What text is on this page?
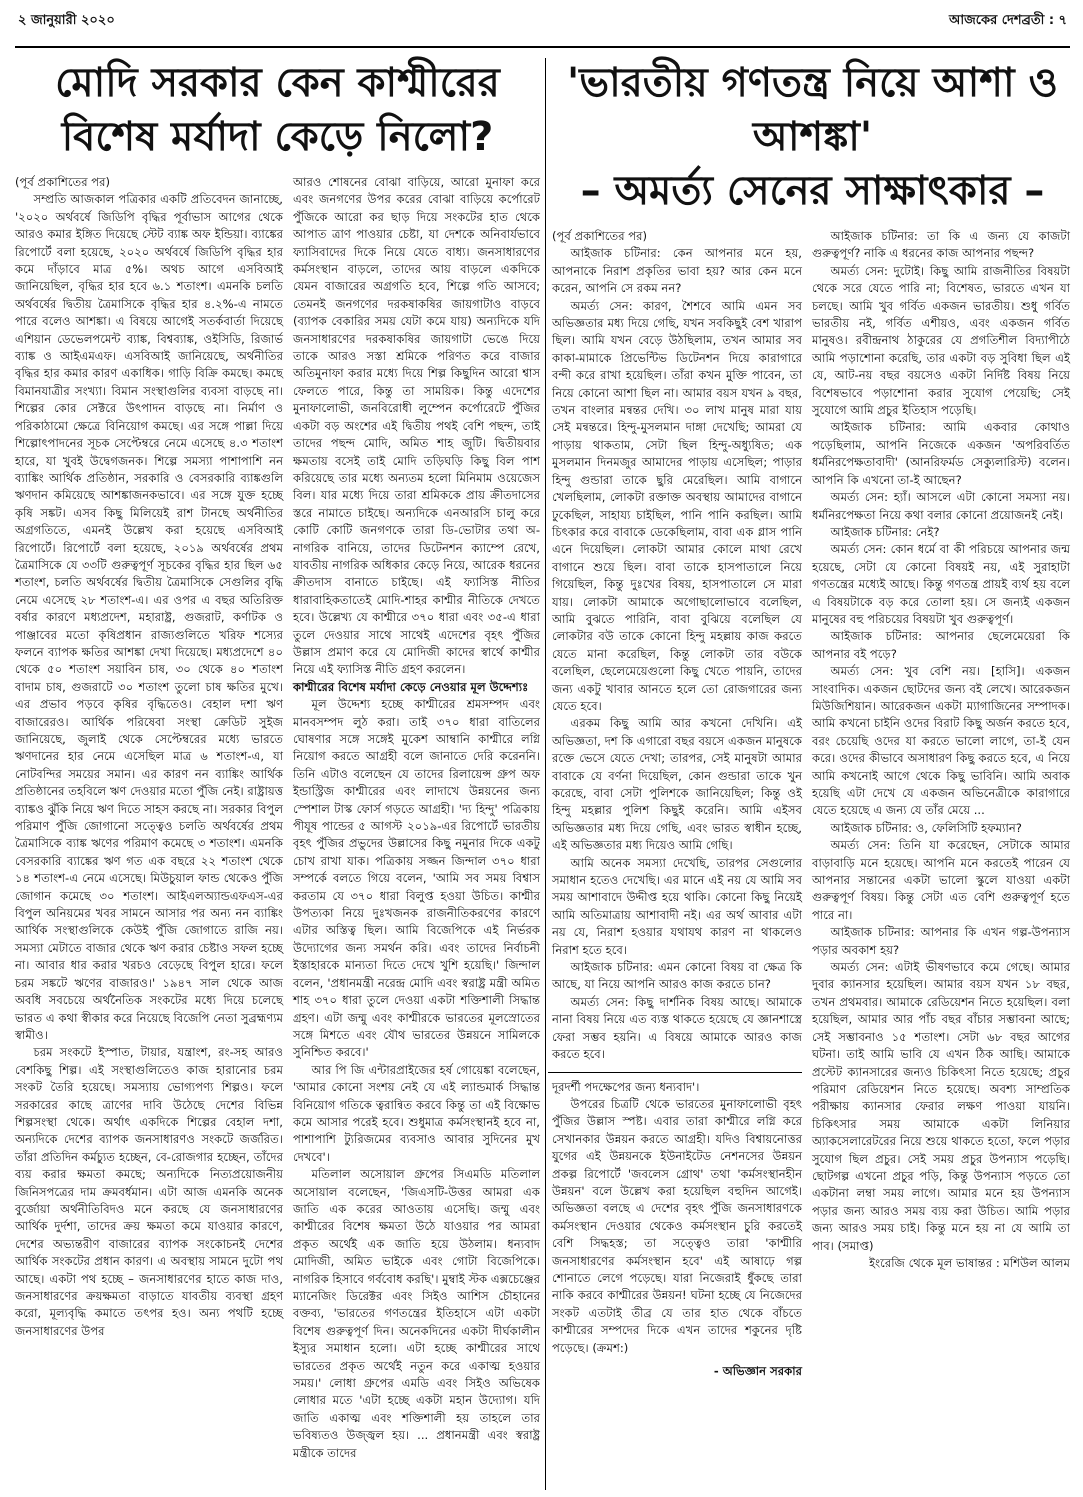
২ জানুয়ারী ২০২০	আজকের দেশব্রতী : ৭
মোদি সরকার কেন কাশ্মীরের
বিশেষ মর্যাদা কেড়ে নিলো?

(পূর্ব প্রকাশিতের পর)

সম্প্রতি আজকাল পত্রিকার একটি প্রতিবেদন জানাচ্ছে, '২০২০ অর্থবর্ষে জিডিপি বৃদ্ধির পূর্বাভাস আগের থেকে আরও কমার ইঙ্গিত দিয়েছে স্টেট ব্যাঙ্ক অফ ইন্ডিয়া। ব্যাঙ্কের রিপোর্টে বলা হয়েছে, ২০২০ অর্থবর্ষে জিডিপি বৃদ্ধির হার কমে দাঁড়াবে মাত্র ৫%। অথচ আগে এসবিআই জানিয়েছিল, বৃদ্ধির হার হবে ৬.১ শতাংশ। এমনকি চলতি অর্থবর্ষের দ্বিতীয় ত্রৈমাসিকে বৃদ্ধির হার ৪.২%-এ নামতে পারে বলেও আশঙ্কা। এ বিষয়ে আগেই সতর্কবার্তা দিয়েছে এশিয়ান ডেভেলপমেন্ট ব্যাঙ্ক, বিশ্বব্যাঙ্ক, ওইসিডি, রিজার্ভ ব্যাঙ্ক ও আইএমএফ। এসবিআই জানিয়েছে, অর্থনীতির বৃদ্ধির হার কমার কারণ একাধিক। গাড়ি বিক্রি কমছে। কমছে বিমানযাত্রীর সংখ্যা। বিমান সংস্থাগুলির ব্যবসা বাড়ছে না। শিল্পের কোর সেক্টরে উৎপাদন বাড়ছে না। নির্মাণ ও পরিকাঠামো ক্ষেত্রে বিনিয়োগ কমছে। এর সঙ্গে পাল্লা দিয়ে শিল্পোৎপাদনের সূচক সেপ্টেম্বরে নেমে এসেছে ৪.৩ শতাংশ হারে, যা খুবই উদ্বেগজনক। শিল্পে সমস্যা পাশাপাশি নন ব্যাঙ্কিং আর্থিক প্রতিষ্ঠান, সরকারি ও বেসরকারি ব্যাঙ্কগুলি ঋণদান কমিয়েছে আশঙ্কাজনকভাবে। এর সঙ্গে যুক্ত হচ্ছে কৃষি সঙ্কট। এসব কিছু মিলিয়েই রাশ টানছে অর্থনীতির অগ্রগতিতে, এমনই উল্লেখ করা হয়েছে এসবিআই রিপোর্টে। রিপোর্টে বলা হয়েছে, ২০১৯ অর্থবর্ষের প্রথম ত্রৈমাসিকে যে ৩৩টি গুরুত্বপূর্ণ সূচকের বৃদ্ধির হার ছিল ৬৫ শতাংশ, চলতি অর্থবর্ষের দ্বিতীয় ত্রৈমাসিকে সেগুলির বৃদ্ধি নেমে এসেছে ২৮ শতাংশ-এ। এর ওপর এ বছর অতিরিক্ত বর্ষার কারণে মধ্যপ্রদেশ, মহারাষ্ট্র, গুজরাট, কর্ণাটক ও পাঞ্জাবের মতো কৃষিপ্রধান রাজ্যগুলিতে খরিফ শস্যের ফলনে ব্যাপক ক্ষতির আশঙ্কা দেখা দিয়েছে। মধ্যপ্রদেশে ৪০ থেকে ৫০ শতাংশ সয়াবিন চাষ, ৩০ থেকে ৪০ শতাংশ বাদাম চাষ, গুজরাটে ৩০ শতাংশ তুলো চাষ ক্ষতির মুখে। এর প্রভাব পড়বে কৃষির বৃদ্ধিতেও। বেহাল দশা ঋণ বাজারেরও। আর্থিক পরিষেবা সংস্থা ক্রেডিট সুইজ জানিয়েছে, জুলাই থেকে সেপ্টেম্বরের মধ্যে ভারতে ঋণদানের হার নেমে এসেছিল মাত্র ৬ শতাংশ-এ, যা নোটবন্দির সময়ের সমান। এর কারণ নন ব্যাঙ্কিং আর্থিক প্রতিষ্ঠানের তহবিলে ঋণ দেওয়ার মতো পুঁজি নেই। রাষ্ট্রায়ত্ত ব্যাঙ্কও ঝুঁকি নিয়ে ঋণ দিতে সাহস করছে না। সরকার বিপুল পরিমাণ পুঁজি জোগানো সত্ত্বেও চলতি অর্থবর্ষের প্রথম ত্রৈমাসিকে ব্যাঙ্ক ঋণের পরিমাণ কমেছে ৩ শতাংশ। এমনকি বেসরকারি ব্যাঙ্কের ঋণ গত এক বছরে ২২ শতাংশ থেকে ১৪ শতাংশ-এ নেমে এসেছে। মিউচুয়াল ফান্ড থেকেও পুঁজি জোগান কমেছে ৩০ শতাংশ। আইএলঅ্যান্ডএফএস-এর বিপুল অনিয়মের খবর সামনে আসার পর অন্য নন ব্যাঙ্কিং আর্থিক সংস্থাগুলিকে কেউই পুঁজি জোগাতে রাজি নয়। সমস্যা মেটাতে বাজার থেকে ঋণ করার চেষ্টাও সফল হচ্ছে না। আবার ধার করার খরচও বেড়েছে বিপুল হারে। ফলে চরম সঙ্কটে ঋণের বাজারও।' ১৯৪৭ সাল থেকে আজ অবধি সবচেয়ে অর্থনৈতিক সংকটের মধ্যে দিয়ে চলেছে ভারত এ কথা স্বীকার করে নিয়েছে বিজেপি নেতা সুব্রহ্মণ্যম স্বামীও।

চরম সংকটে ইস্পাত, টায়ার, যন্ত্রাংশ, রং-সহ আরও বেশকিছু শিল্প। এই সংস্থাগুলিতেও কাজ হারানোর চরম সংকট তৈরি হয়েছে। সমস্যায় ভোগ্যপণ্য শিল্পও। ফলে সরকারের কাছে ত্রাণের দাবি উঠেছে দেশের বিভিন্ন শিল্পসংস্থা থেকে। অর্থাৎ একদিকে শিল্পের বেহাল দশা, অন্যদিকে দেশের ব্যাপক জনসাধারণও সংকটে জর্জরিত। তাঁরা প্রতিদিন কর্মচ্যুত হচ্ছেন, বে-রোজগার হচ্ছেন, তাঁদের ব্যয় করার ক্ষমতা কমছে; অন্যদিকে নিত্যপ্রয়োজনীয় জিনিসপত্রের দাম ক্রমবর্ধমান। এটা আজ এমনকি অনেক বুর্জোয়া অর্থনীতিবিদও মনে করছে যে জনসাধারণের আর্থিক দুর্দশা, তাদের ক্রয় ক্ষমতা কমে যাওয়ার কারণে, দেশের অভ্যন্তরীণ বাজারের ব্যাপক সংকোচনই দেশের আর্থিক সংকটের প্রধান কারণ। এ অবস্থায় সামনে দুটো পথ আছে। একটা পথ হচ্ছে – জনসাধারণের হাতে কাজ দাও, জনসাধারণের ক্রয়ক্ষমতা বাড়াতে যাবতীয় ব্যবস্থা গ্রহণ করো, মূল্যবৃদ্ধি কমাতে তৎপর হও। অন্য পথটি হচ্ছে জনসাধারণের উপর

আরও শোষনের বোঝা বাড়িয়ে, আরো মুনাফা করে এবং জনগণের উপর করের বোঝা বাড়িয়ে কর্পোরেট পুঁজিকে আরো কর ছাড় দিয়ে সংকটের হাত থেকে আপাত ত্রাণ পাওয়ার চেষ্টা, যা দেশকে অনিবার্যভাবে ফ্যাসিবাদের দিকে নিয়ে যেতে বাধ্য। জনসাধারণের কর্মসংস্থান বাড়লে, তাদের আয় বাড়লে একদিকে যেমন বাজারের অগ্রগতি হবে, শিল্পে গতি আসবে; তেমনই জনগণের দরকষাকষির জায়গাটাও বাড়বে (ব্যাপক বেকারির সময় যেটা কমে যায়) অন্যদিকে যদি জনসাধারণের দরকষাকষির জায়গাটা ভেঙে দিয়ে তাকে আরও সস্তা শ্রমিকে পরিণত করে বাজার অতিমুনাফা করার মধ্যে দিয়ে শিল্প কিছুদিন আরো শ্বাস ফেলতে পারে, কিন্তু তা সাময়িক। কিন্তু এদেশের মুনাফালোভী, জনবিরোধী লুম্পেন কর্পোরেটে পুঁজির একটা বড় অংশের এই দ্বিতীয় পথই বেশি পছন্দ, তাই তাদের পছন্দ মোদি, অমিত শাহ জুটি। দ্বিতীয়বার ক্ষমতায় বসেই তাই মোদি তড়িঘড়ি কিছু বিল পাশ করিয়েছে তার মধ্যে অন্যতম হলো মিনিমাম ওয়েজেস বিল। যার মধ্যে দিয়ে তারা শ্রমিককে প্রায় ক্রীতদাসের স্তরে নামাতে চাইছে। অন্যদিকে এনআরসি চালু করে কোটি কোটি জনগণকে তারা ডি-ভোটার তথা অ-নাগরিক বানিয়ে, তাদের ডিটেনশন ক্যাম্পে রেখে, যাবতীয় নাগরিক অধিকার কেড়ে নিয়ে, আরেক ধরনের ক্রীতদাস বানাতে চাইছে। এই ফ্যাসিস্ত নীতির ধারাবাহিকতাতেই মোদি-শাহর কাশ্মীর নীতিকে দেখতে হবে। উল্লেখ্য যে কাশ্মীরে ৩৭০ ধারা এবং ৩৫-এ ধারা তুলে দেওয়ার সাথে সাথেই এদেশের বৃহৎ পুঁজির উল্লাস প্রমাণ করে যে মোদিজী কাদের স্বার্থে কাশ্মীর নিয়ে এই ফ্যাসিস্ত নীতি গ্রহণ করলেন।

কাশ্মীরের বিশেষ মর্যাদা কেড়ে নেওয়ার মূল উদ্দেশ্যঃ

মূল উদ্দেশ্য হচ্ছে কাশ্মীরের শ্রমসম্পদ এবং মানবসম্পদ লুঠ করা। তাই ৩৭০ ধারা বাতিলের ঘোষণার সঙ্গে সঙ্গেই মুকেশ আম্বানি কাশ্মীরে লগ্নি নিয়োগ করতে আগ্রহী বলে জানাতে দেরি করেননি। তিনি এটাও বলেছেন যে তাদের রিলায়েন্স গ্রুপ অফ ইন্ডাস্ট্রিজ কাশ্মীরের এবং লাদাখে উন্নয়নের জন্য স্পেশাল টাস্ক ফোর্স গড়তে আগ্রহী। 'দ্য হিন্দু' পত্রিকায় পীযূষ পান্ডের ৫ আগস্ট ২০১৯-এর রিপোর্টে ভারতীয় বৃহৎ পুঁজির প্রভুদের উল্লাসের কিছু নমুনার দিকে একটু চোখ রাখা যাক। পত্রিকায় সজ্জন জিন্দাল ৩৭০ ধারা সম্পর্কে বলতে গিয়ে বলেন, 'আমি সব সময় বিশ্বাস করতাম যে ৩৭০ ধারা বিলুপ্ত হওয়া উচিত। কাশ্মীর উপত্যকা নিয়ে দুঃখজনক রাজনীতিকরণের কারণে এটার অস্তিত্ব ছিল। আমি বিজেপিকে এই নির্ভরক উদ্যোগের জন্য সমর্থন করি। এবং তাদের নির্বাচনী ইস্তাহারকে মান্যতা দিতে দেখে খুশি হয়েছি।' জিন্দাল বলেন, 'প্রধানমন্ত্রী নরেন্দ্র মোদি এবং স্বরাষ্ট্র মন্ত্রী অমিত শাহ ৩৭০ ধারা তুলে দেওয়া একটা শক্তিশালী সিদ্ধান্ত গ্রহণ। এটা জম্মু এবং কাশ্মীরকে ভারতের মূলস্রোতের সঙ্গে মিশতে এবং যৌথ ভারতের উন্নয়নে সামিলকে সুনিশ্চিত করবে।'

আর পি জি এন্টারপ্রাইজের হর্ষ গোয়েঙ্কা বলেছেন, 'আমার কোনো সংশয় নেই যে এই ল্যান্ডমার্ক সিদ্ধান্ত বিনিয়োগ গতিকে ত্বরান্বিত করবে কিন্তু তা এই বিক্ষোভ কমে আসার পরেই হবে। শুধুমাত্র কর্মসংস্থানই হবে না, পাশাপাশি ট্যুরিজমের ব্যবসাও আবার সুদিনের মুখ দেখবে'।

মতিলাল অসোয়াল গ্রুপের সিএমডি মতিলাল অসোয়াল বলেছেন, 'জিএসটি-উত্তর আমরা এক জাতি এক করের আওতায় এসেছি। জম্মু এবং কাশ্মীরের বিশেষ ক্ষমতা উঠে যাওয়ার পর আমরা প্রকৃত অর্থেই এক জাতি হয়ে উঠলাম। ধন্যবাদ মোদিজী, অমিত ভাইকে এবং গোটা বিজেপিকে। নাগরিক হিসাবে গর্ববোধ করছি'। মুম্বাই স্টক এক্সচেঞ্জের ম্যানেজিং ডিরেক্টর এবং সিইও আশিস চৌহানের বক্তব্য, 'ভারতের গণতন্ত্রের ইতিহাসে এটা একটা বিশেষ গুরুত্বপূর্ণ দিন। অনেকদিনের একটা দীর্ঘকালীন ইস্যুর সমাধান হলো। এটা হচ্ছে কাশ্মীরের সাথে ভারতের প্রকৃত অর্থেই নতুন করে একাত্ম হওয়ার সময়।' লোধা গ্রুপের এমডি এবং সিইও অভিষেক লোধার মতে 'এটা হচ্ছে একটা মহান উদ্যোগ। যদি জাতি একাত্ম এবং শক্তিশালী হয় তাহলে তার ভবিষ্যতও উজ্জ্বল হয়। ... প্রধানমন্ত্রী এবং স্বরাষ্ট্র মন্ত্রীকে তাদের

'ভারতীয় গণতন্ত্র নিয়ে আশা ও আশঙ্কা'
– অমর্ত্য সেনের সাক্ষাৎকার –

(পূর্ব প্রকাশিতের পর)

আইজাক চটিনার: কেন আপনার মনে হয়, আপনাকে নিরাশ প্রকৃতির ভাবা হয়? আর কেন মনে করেন, আপনি সে রকম নন?

অমর্ত্য সেন: কারণ, শৈশবে আমি এমন সব অভিজ্ঞতার মধ্য দিয়ে গেছি, যখন সবকিছুই বেশ খারাপ ছিল। আমি যখন বেড়ে উঠছিলাম, তখন আমার সব কাকা-মামাকে প্রিভেন্টিভ ডিটেনশন দিয়ে কারাগারে বন্দী করে রাখা হয়েছিল। তাঁরা কখন মুক্তি পাবেন, তা নিয়ে কোনো আশা ছিল না। আমার বয়স যখন ৯ বছর, তখন বাংলার মন্বন্তর দেখি। ৩০ লাখ মানুষ মারা যায় সেই মন্বন্তরে। হিন্দু-মুসলমান দাঙ্গা দেখেছি; আমরা যে পাড়ায় থাকতাম, সেটা ছিল হিন্দু-অধ্যুষিত; এক মুসলমান দিনমজুর আমাদের পাড়ায় এসেছিল; পাড়ার হিন্দু গুন্ডারা তাকে ছুরি মেরেছিল। আমি বাগানে খেলছিলাম, লোকটা রক্তাক্ত অবস্থায় আমাদের বাগানে ঢুকেছিল, সাহায্য চাইছিল, পানি পানি করছিল। আমি চিৎকার করে বাবাকে ডেকেছিলাম, বাবা এক গ্লাস পানি এনে দিয়েছিল। লোকটা আমার কোলে মাথা রেখে বাগানে শুয়ে ছিল। বাবা তাকে হাসপাতালে নিয়ে গিয়েছিল, কিন্তু দুঃখের বিষয়, হাসপাতালে সে মারা যায়। লোকটা আমাকে অগোছালোভাবে বলেছিল, আমি বুঝতে পারিনি, বাবা বুঝিয়ে বলেছিল যে লোকটার বউ তাকে কোনো হিন্দু মহল্লায় কাজ করতে যেতে মানা করেছিল, কিন্তু লোকটা তার বউকে বলেছিল, ছেলেমেয়েগুলো কিছু খেতে পায়নি, তাদের জন্য একটু খাবার আনতে হলে তো রোজগারের জন্য যেতে হবে।

এরকম কিছু আমি আর কখনো দেখিনি। এই অভিজ্ঞতা, দশ কি এগারো বছর বয়সে একজন মানুষকে রক্তে ভেসে যেতে দেখা; তারপর, সেই মানুষটা আমার বাবাকে যে বর্ণনা দিয়েছিল, কোন গুন্ডারা তাকে খুন করেছে, বাবা সেটা পুলিশকে জানিয়েছিল; কিন্তু ওই হিন্দু মহল্লার পুলিশ কিছুই করেনি। আমি এইসব অভিজ্ঞতার মধ্য দিয়ে গেছি, এবং ভারত স্বাধীন হচ্ছে, এই অভিজ্ঞতার মধ্য দিয়েও আমি গেছি।

আমি অনেক সমস্যা দেখেছি, তারপর সেগুলোর সমাধান হতেও দেখেছি। এর মানে এই নয় যে আমি সব সময় আশাবাদে উদ্দীপ্ত হয়ে থাকি। কোনো কিছু নিয়েই আমি অতিমাত্রায় আশাবাদী নই। এর অর্থ আবার এটা নয় যে, নিরাশ হওয়ার যথাযথ কারণ না থাকলেও নিরাশ হতে হবে।

আইজাক চটিনার: এমন কোনো বিষয় বা ক্ষেত্র কি আছে, যা নিয়ে আপনি আরও কাজ করতে চান?

অমর্ত্য সেন: কিছু দার্শনিক বিষয় আছে। আমাকে নানা বিষয় নিয়ে এত ব্যস্ত থাকতে হয়েছে যে জ্ঞানশাস্ত্রে ফেরা সম্ভব হয়নি। এ বিষয়ে আমাকে আরও কাজ করতে হবে।

দূরদর্শী পদক্ষেপের জন্য ধন্যবাদ'।

উপরের চিত্রটি থেকে ভারতের মুনাফালোভী বৃহৎ পুঁজির উল্লাস স্পষ্ট। এবার তারা কাশ্মীরে লগ্নি করে সেখানকার উন্নয়ন করতে আগ্রহী। যদিও বিশ্বায়নোত্তর যুগের এই উন্নয়নকে ইউনাইটেড নেশনসের উন্নয়ন প্রকল্প রিপোর্টে 'জবলেস গ্রোথ' তথা 'কর্মসংস্থানহীন উন্নয়ন' বলে উল্লেখ করা হয়েছিল বহুদিন আগেই। অভিজ্ঞতা বলছে এ দেশের বৃহৎ পুঁজি জনসাধারণকে কর্মসংস্থান দেওয়ার থেকেও কর্মসংস্থান চুরি করতেই বেশি সিদ্ধহস্ত; তা সত্ত্বেও তারা 'কাশ্মীরি জনসাধারণের কর্মসংস্থান হবে' এই আষাঢ়ে গল্প শোনাতে লেগে পড়েছে। যারা নিজেরাই ধুঁকছে তারা নাকি করবে কাশ্মীরের উন্নয়ন! ঘটনা হচ্ছে যে নিজেদের সংকট এতটাই তীব্র যে তার হাত থেকে বাঁচতে কাশ্মীরের সম্পদের দিকে এখন তাদের শকুনের দৃষ্টি পড়েছে। (ক্রমশ:)

- অভিজ্ঞান সরকার

আইজাক চটিনার: তা কি এ জন্য যে কাজটা গুরুত্বপূর্ণ? নাকি এ ধরনের কাজ আপনার পছন্দ?

অমর্ত্য সেন: দুটোই। কিছু আমি রাজনীতির বিষয়টা থেকে সরে যেতে পারি না; বিশেষত, ভারতে এখন যা চলছে। আমি খুব গর্বিত একজন ভারতীয়। শুধু গর্বিত ভারতীয় নই, গর্বিত এশীয়ও, এবং একজন গর্বিত মানুষও। রবীন্দ্রনাথ ঠাকুরের যে প্রগতিশীল বিদ্যাপীঠে আমি পড়াশোনা করেছি, তার একটা বড় সুবিধা ছিল এই যে, আট-নয় বছর বয়সেও একটা নির্দিষ্ট বিষয় নিয়ে বিশেষভাবে পড়াশোনা করার সুযোগ পেয়েছি; সেই সুযোগে আমি প্রচুর ইতিহাস পড়েছি।

আইজাক চটিনার: আমি একবার কোথাও পড়েছিলাম, আপনি নিজেকে একজন 'অপরিবর্তিত ধর্মনিরপেক্ষতাবাদী' (আনরিফর্মড সেক্যুলারিস্ট) বলেন। আপনি কি এখনো তা-ই আছেন?

অমর্ত্য সেন: হ্যাঁ। আসলে এটা কোনো সমস্যা নয়। ধর্মনিরপেক্ষতা নিয়ে কথা বলার কোনো প্রয়োজনই নেই।

আইজাক চটিনার: নেই?

অমর্ত্য সেন: কোন ধর্মে বা কী পরিচয়ে আপনার জন্ম হয়েছে, সেটা যে কোনো বিষয়ই নয়, এই সুরাহাটা গণতন্ত্রের মধ্যেই আছে। কিন্তু গণতন্ত্র প্রায়ই ব্যর্থ হয় বলে এ বিষয়টাকে বড় করে তোলা হয়। সে জন্যই একজন মানুষের বহু পরিচয়ের বিষয়টা খুব গুরুত্বপূর্ণ।

আইজাক চটিনার: আপনার ছেলেমেয়েরা কি আপনার বই পড়ে?

অমর্ত্য সেন: খুব বেশি নয়। [হাসি]। একজন সাংবাদিক। একজন ছোটদের জন্য বই লেখে। আরেকজন মিউজিশিয়ান। আরেকজন একটা ম্যাগাজিনের সম্পাদক। আমি কখনো চাইনি ওদের বিরাট কিছু অর্জন করতে হবে, বরং চেয়েছি ওদের যা করতে ভালো লাগে, তা-ই যেন করে। ওদের কীভাবে অসাধারণ কিছু করতে হবে, এ নিয়ে আমি কখনোই আগে থেকে কিছু ভাবিনি। আমি অবাক হয়েছি এটা দেখে যে একজন অভিনেত্রীকে কারাগারে যেতে হয়েছে এ জন্য যে তাঁর মেয়ে ...

আইজাক চটিনার: ও, ফেলিসিটি হফম্যান?

অমর্ত্য সেন: তিনি যা করেছেন, সেটাকে আমার বাড়াবাড়ি মনে হয়েছে। আপনি মনে করতেই পারেন যে আপনার সন্তানের একটা ভালো স্কুলে যাওয়া একটা গুরুত্বপূর্ণ বিষয়। কিন্তু সেটা এত বেশি গুরুত্বপূর্ণ হতে পারে না।

আইজাক চটিনার: আপনার কি এখন গল্প-উপন্যাস পড়ার অবকাশ হয়?

অমর্ত্য সেন: এটাই ভীষণভাবে কমে গেছে। আমার দুবার ক্যানসার হয়েছিল। আমার বয়স যখন ১৮ বছর, তখন প্রথমবার। আমাকে রেডিয়েশন নিতে হয়েছিল। বলা হয়েছিল, আমার আর পাঁচ বছর বাঁচার সম্ভাবনা আছে; সেই সম্ভাবনাও ১৫ শতাংশ। সেটা ৬৮ বছর আগের ঘটনা। তাই আমি ভাবি যে এখন ঠিক আছি। আমাকে প্রস্টেট ক্যানসারের জন্যও চিকিৎসা নিতে হয়েছে; প্রচুর পরিমাণ রেডিয়েশন নিতে হয়েছে। অবশ্য সাম্প্রতিক পরীক্ষায় ক্যানসার ফেরার লক্ষণ পাওয়া যায়নি। চিকিৎসার সময় আমাকে একটা লিনিয়ার অ্যাকসেলারেটরের নিয়ে শুয়ে থাকতে হতো, ফলে পড়ার সুযোগ ছিল প্রচুর। সেই সময় প্রচুর উপন্যাস পড়েছি। ছোটগল্প এখনো প্রচুর পড়ি, কিন্তু উপন্যাস পড়তে তো একটানা লম্বা সময় লাগে। আমার মনে হয় উপন্যাস পড়ার জন্য আরও সময় ব্যয় করা উচিত। আমি পড়ার জন্য আরও সময় চাই। কিন্তু মনে হয় না যে আমি তা পাব। (সমাপ্ত)

ইংরেজি থেকে মূল ভাষান্তর : মশিউল আলম
